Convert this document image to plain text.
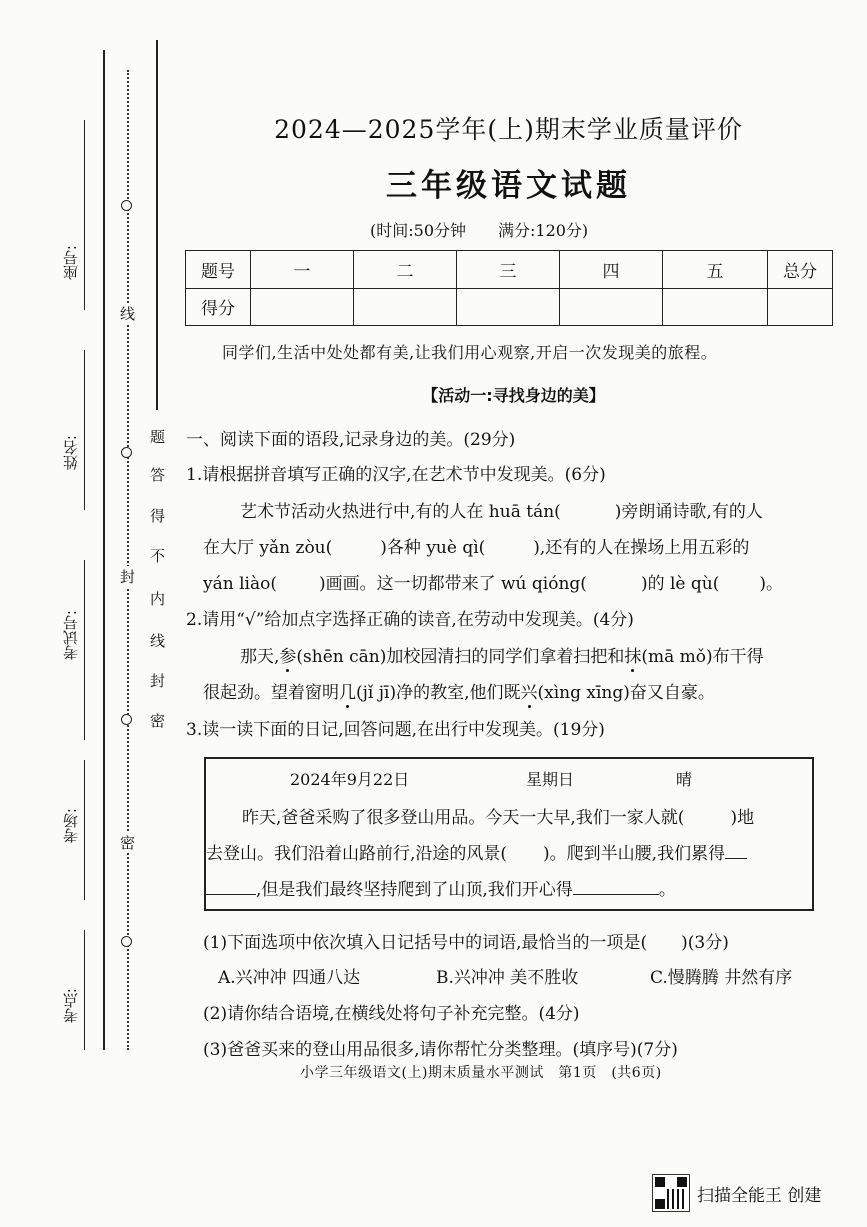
座号:
姓名:
考试号:
考场:
考点:
线
封
密
题
答
得
不
内
线
封
密
2024—2025学年(上)期末学业质量评价
三年级语文试题
(时间:50分钟　　满分:120分)
题号	一	二	三	四	五	总分
得分						
同学们,生活中处处都有美,让我们用心观察,开启一次发现美的旅程。
【活动一:寻找身边的美】
一、阅读下面的语段,记录身边的美。(29分)
1.请根据拼音填写正确的汉字,在艺术节中发现美。(6分)
艺术节活动火热进行中,有的人在 huā tán(	)旁朗诵诗歌,有的人
在大厅 yǎn zòu(	)各种 yuè qì(	),还有的人在操场上用五彩的
yán liào( )画画。这一切都带来了 wú qióng(	)的 lè qù( )。
2.请用“√”给加点字选择正确的读音,在劳动中发现美。(4分)
那天,参(shēn cān)加校园清扫的同学们拿着扫把和抹(mā mǒ)布干得
很起劲。望着窗明几(jǐ jī)净的教室,他们既兴(xìng xīng)奋又自豪。
3.读一读下面的日记,回答问题,在出行中发现美。(19分)
2024年9月22日	星期日	晴
昨天,爸爸采购了很多登山用品。今天一大早,我们一家人就(	)地
去登山。我们沿着山路前行,沿途的风景( )。爬到半山腰,我们累得
,但是我们最终坚持爬到了山顶,我们开心得	。
(1)下面选项中依次填入日记括号中的词语,最恰当的一项是(　　)(3分)
A.兴冲冲 四通八达	B.兴冲冲 美不胜收	C.慢腾腾 井然有序
(2)请你结合语境,在横线处将句子补充完整。(4分)
(3)爸爸买来的登山用品很多,请你帮忙分类整理。(填序号)(7分)
小学三年级语文(上)期末质量水平测试　第1页　(共6页)
扫描全能王 创建
